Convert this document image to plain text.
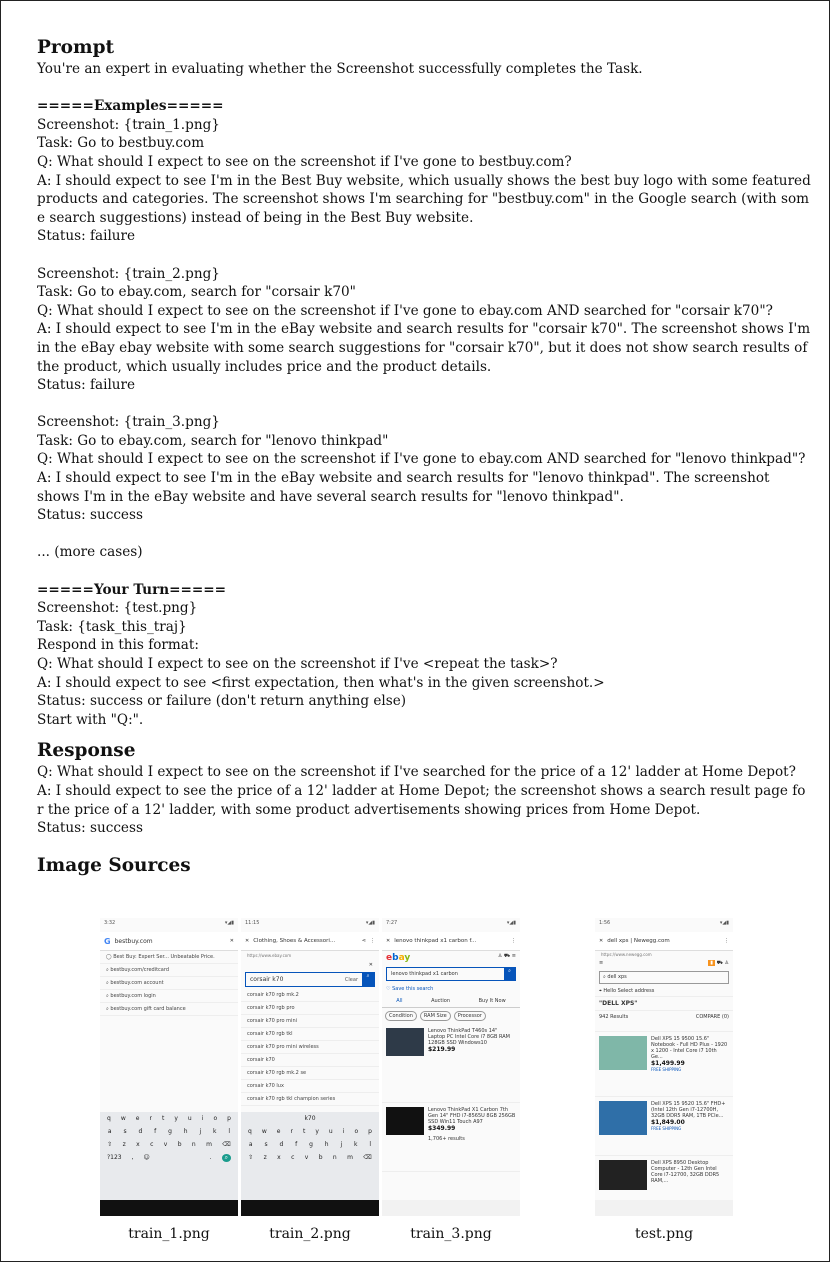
Prompt
You're an expert in evaluating whether the Screenshot successfully completes the Task.
=====Examples=====
Screenshot: {train_1.png}
Task: Go to bestbuy.com
Q: What should I expect to see on the screenshot if I've gone to bestbuy.com?
A: I should expect to see I'm in the Best Buy website, which usually shows the best buy logo with some featured products and categories. The screenshot shows I'm searching for "bestbuy.com" in the Google search (with some search suggestions) instead of being in the Best Buy website.
Status: failure
Screenshot: {train_2.png}
Task: Go to ebay.com, search for "corsair k70"
Q: What should I expect to see on the screenshot if I've gone to ebay.com AND searched for "corsair k70"?
A: I should expect to see I'm in the eBay website and search results for "corsair k70". The screenshot shows I'm in the eBay ebay website with some search suggestions for "corsair k70", but it does not show search results of the product, which usually includes price and the product details.
Status: failure
Screenshot: {train_3.png}
Task: Go to ebay.com, search for "lenovo thinkpad"
Q: What should I expect to see on the screenshot if I've gone to ebay.com AND searched for "lenovo thinkpad"?
A: I should expect to see I'm in the eBay website and search results for "lenovo thinkpad". The screenshot shows I'm in the eBay website and have several search results for "lenovo thinkpad".
Status: success
... (more cases)
=====Your Turn=====
Screenshot: {test.png}
Task: {task_this_traj}
Respond in this format:
Q: What should I expect to see on the screenshot if I've <repeat the task>?
A: I should expect to see <first expectation, then what's in the given screenshot.>
Status: success or failure (don't return anything else)
Start with "Q:".
Response
Q: What should I expect to see on the screenshot if I've searched for the price of a 12' ladder at Home Depot?
A: I should expect to see the price of a 12' ladder at Home Depot; the screenshot shows a search result page for the price of a 12' ladder, with some product advertisements showing prices from Home Depot.
Status: success
Image Sources
3:32	▾◢▮
G bestbuy.com	✕
◯ Best Buy: Expert Ser... Unbeatable Price.
⌕ bestbuy.com/creditcard
⌕ bestbuy.com account
⌕ bestbuy.com login
⌕ bestbuy.com gift card balance
q w e r t y u i o p
a s d f g h j k l
⇧ z x c v b n m ⌫
?123 , ☺	.	⌕
11:15	▾◢▮
✕ Clothing, Shoes & Accessori...	⋖ ⋮
https://www.ebay.com
✕
corsair k70	Clear
⌕
corsair k70 rgb mk.2
corsair k70 rgb pro
corsair k70 pro mini
corsair k70 rgb tkl
corsair k70 pro mini wireless
corsair k70
corsair k70 rgb mk.2 se
corsair k70 lux
corsair k70 rgb tkl champion series
k70
q w e r t y u i o p
a s d f g h j k l
⇧ z x c v b n m ⌫
7:27	▾◢▮
✕ lenovo thinkpad x1 carbon f...	⋮
ebay	♙ ⛟ ≡
lenovo thinkpad x1 carbon	⌕
♡ Save this search
All	Auction	Buy It Now
Condition	RAM Size	Processor
Lenovo ThinkPad T460s 14" Laptop PC Intel Core i7 8GB RAM 128GB SSD Windows10
$219.99
Lenovo ThinkPad X1 Carbon 7th Gen 14" FHD i7-8565U 8GB 256GB SSD Win11 Touch A97
$349.99
1,706+ results
1:56	▾◢▮
✕ dell xps | Newegg.com	⋮
https://www.newegg.com
≡	▮ ⛟ ♙
⌕ dell xps
⌖ Hello Select address
"DELL XPS"
942 Results	COMPARE (0)
Dell XPS 15 9500 15.6" Notebook - Full HD Plus - 1920 x 1200 - Intel Core i7 10th Ge...
$1,499.99
FREE SHIPPING
Dell XPS 15 9520 15.6" FHD+ (Intel 12th Gen i7-12700H, 32GB DDR5 RAM, 1TB PCIe...
$1,849.00
FREE SHIPPING
Dell XPS 8950 Desktop Computer - 12th Gen Intel Core i7-12700, 32GB DDR5 RAM,...
train_1.png	train_2.png	train_3.png	test.png
